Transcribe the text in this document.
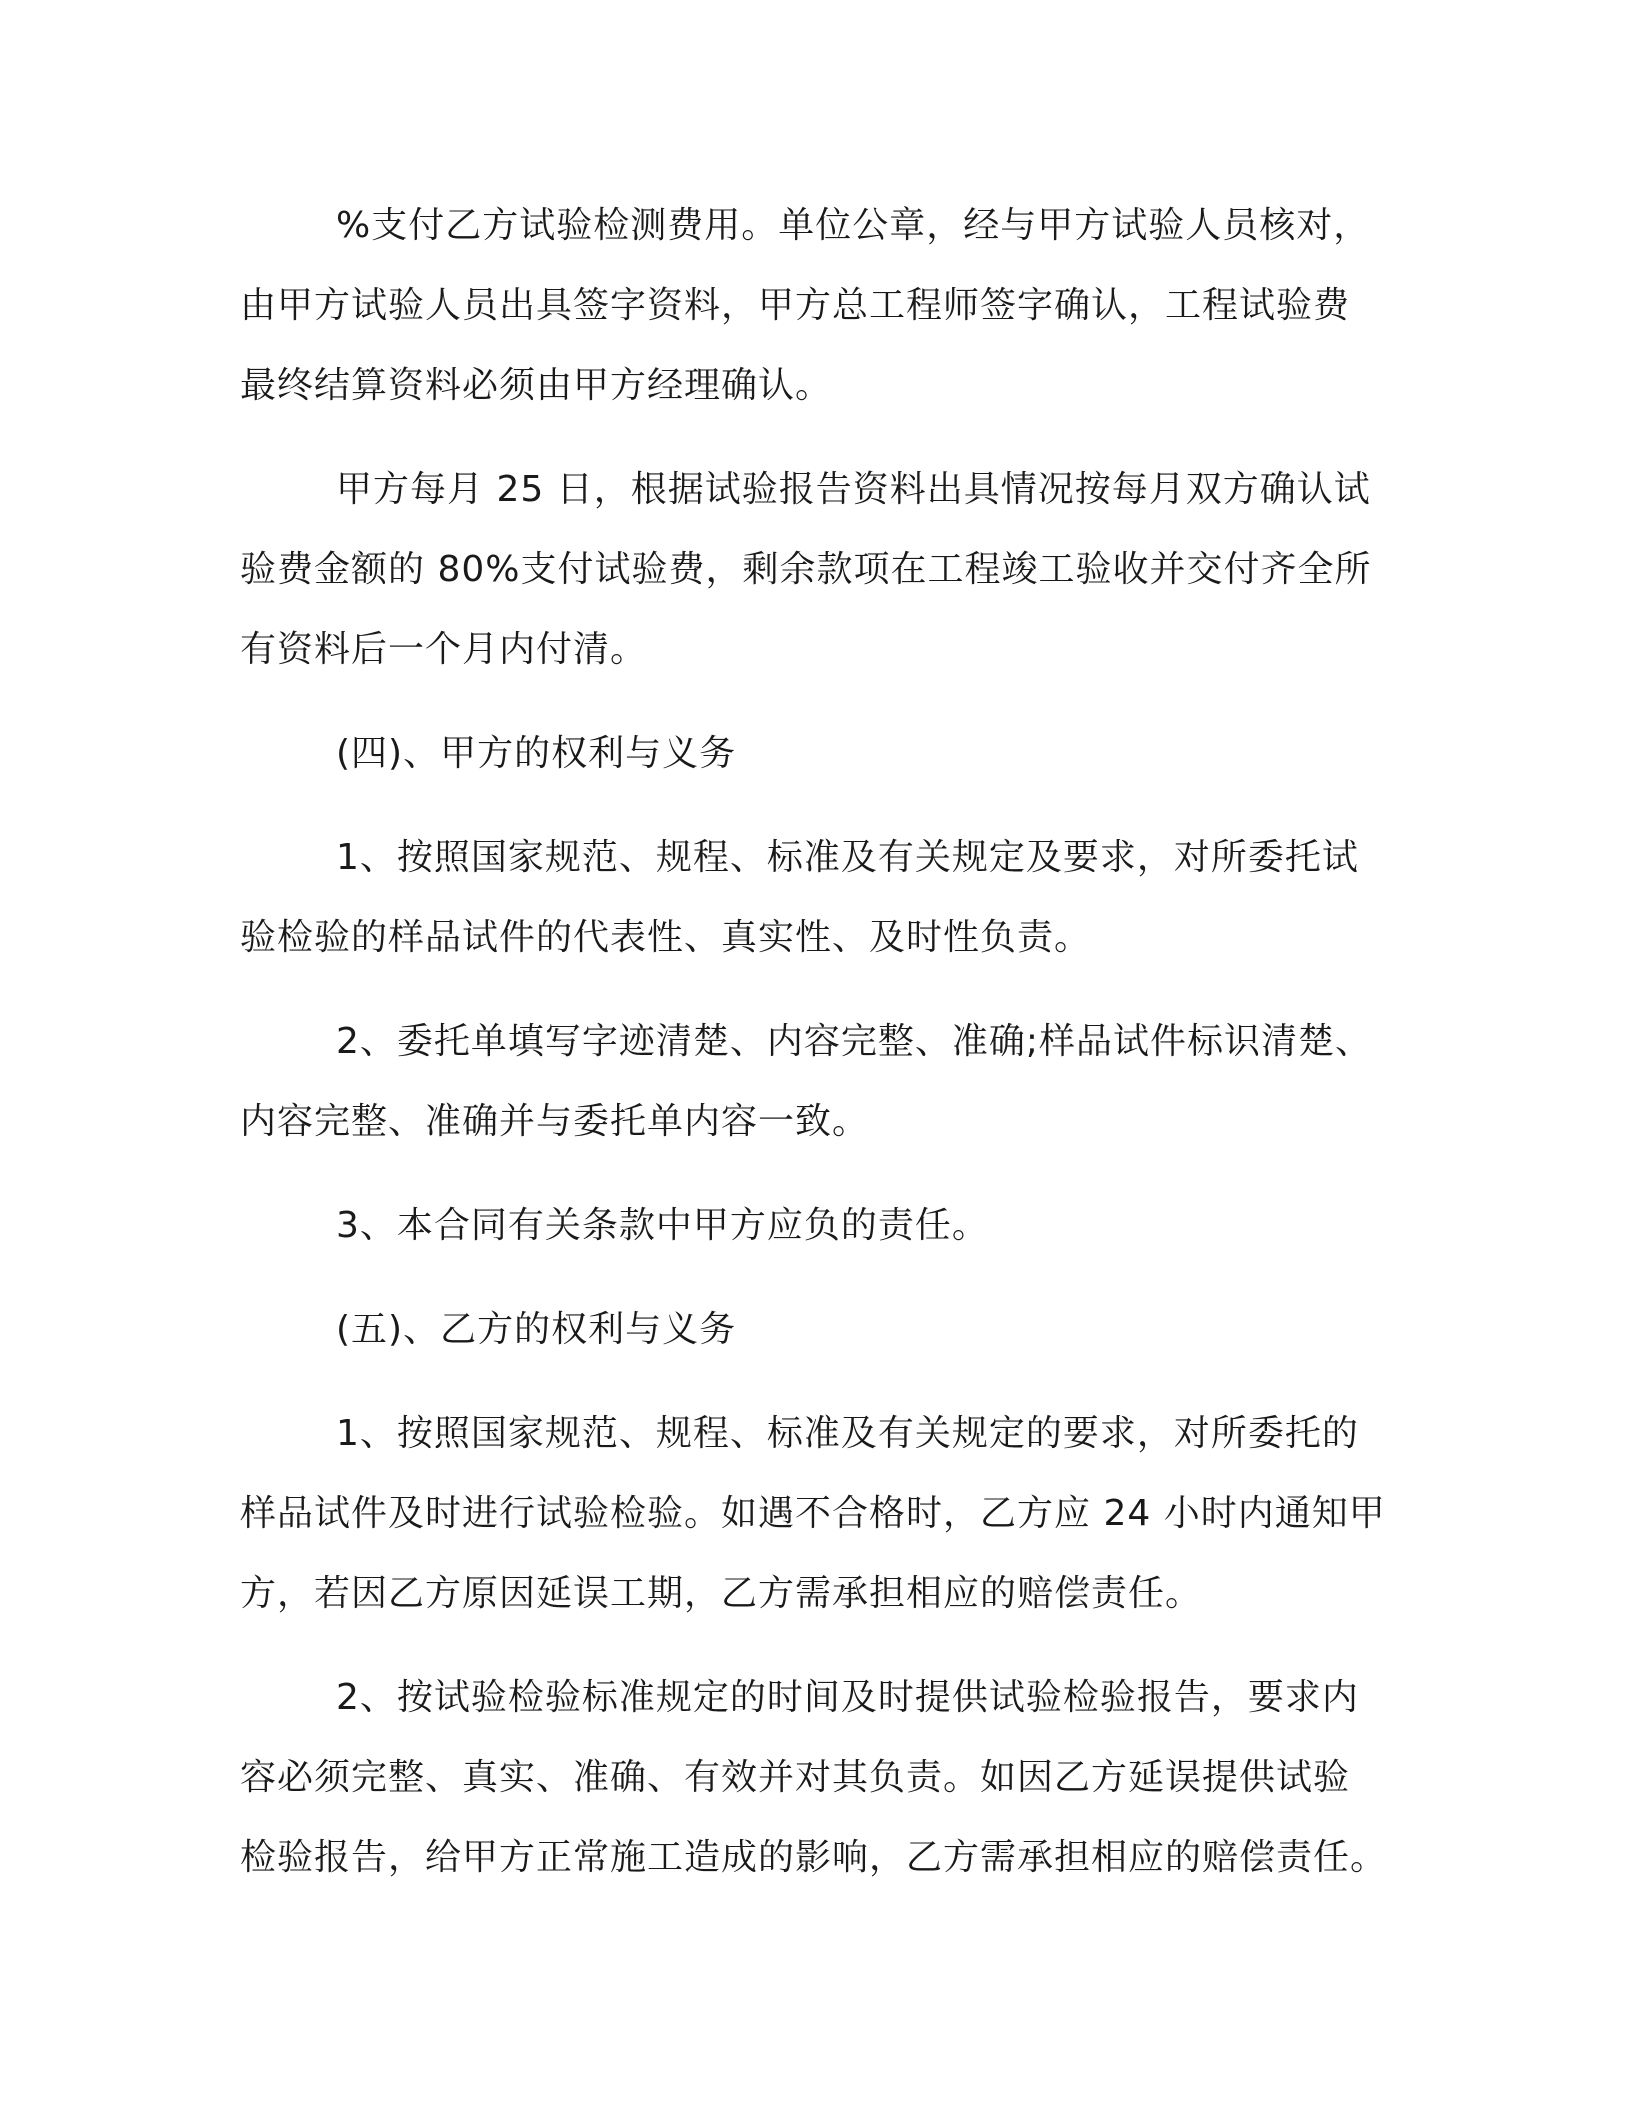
%支付乙方试验检测费用。单位公章，经与甲方试验人员核对，
由甲方试验人员出具签字资料，甲方总工程师签字确认，工程试验费
最终结算资料必须由甲方经理确认。

甲方每月 25 日，根据试验报告资料出具情况按每月双方确认试
验费金额的 80%支付试验费，剩余款项在工程竣工验收并交付齐全所
有资料后一个月内付清。

(四)、甲方的权利与义务

1、按照国家规范、规程、标准及有关规定及要求，对所委托试
验检验的样品试件的代表性、真实性、及时性负责。

2、委托单填写字迹清楚、内容完整、准确;样品试件标识清楚、
内容完整、准确并与委托单内容一致。

3、本合同有关条款中甲方应负的责任。

(五)、乙方的权利与义务

1、按照国家规范、规程、标准及有关规定的要求，对所委托的
样品试件及时进行试验检验。如遇不合格时，乙方应 24 小时内通知甲
方，若因乙方原因延误工期，乙方需承担相应的赔偿责任。

2、按试验检验标准规定的时间及时提供试验检验报告，要求内
容必须完整、真实、准确、有效并对其负责。如因乙方延误提供试验
检验报告，给甲方正常施工造成的影响，乙方需承担相应的赔偿责任。
